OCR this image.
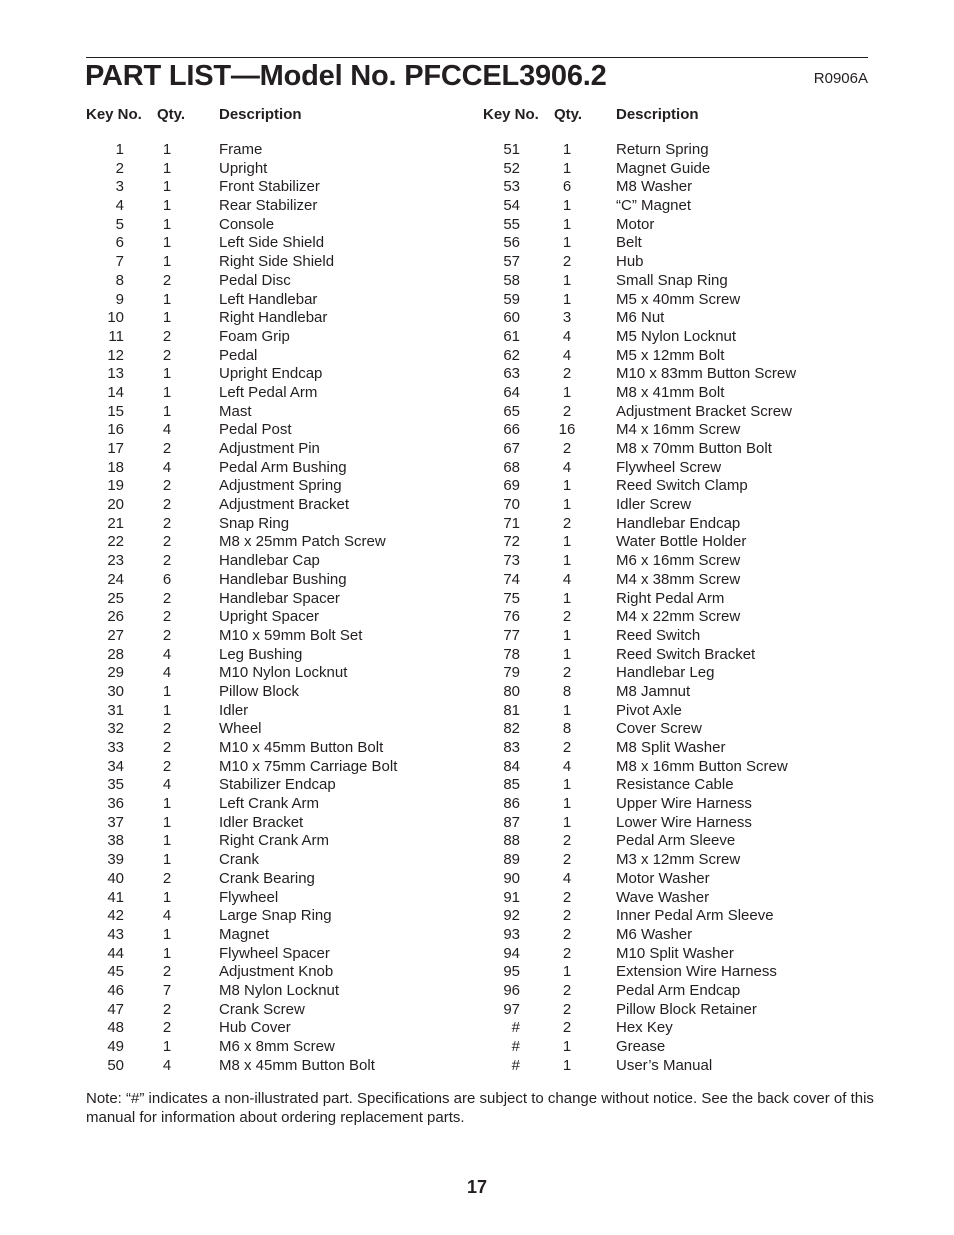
PART LIST—Model No. PFCCEL3906.2	R0906A
Key No. Qty. Description
1	1	Frame
2	1	Upright
3	1	Front Stabilizer
4	1	Rear Stabilizer
5	1	Console
6	1	Left Side Shield
7	1	Right Side Shield
8	2	Pedal Disc
9	1	Left Handlebar
10	1	Right Handlebar
11	2	Foam Grip
12	2	Pedal
13	1	Upright Endcap
14	1	Left Pedal Arm
15	1	Mast
16	4	Pedal Post
17	2	Adjustment Pin
18	4	Pedal Arm Bushing
19	2	Adjustment Spring
20	2	Adjustment Bracket
21	2	Snap Ring
22	2	M8 x 25mm Patch Screw
23	2	Handlebar Cap
24	6	Handlebar Bushing
25	2	Handlebar Spacer
26	2	Upright Spacer
27	2	M10 x 59mm Bolt Set
28	4	Leg Bushing
29	4	M10 Nylon Locknut
30	1	Pillow Block
31	1	Idler
32	2	Wheel
33	2	M10 x 45mm Button Bolt
34	2	M10 x 75mm Carriage Bolt
35	4	Stabilizer Endcap
36	1	Left Crank Arm
37	1	Idler Bracket
38	1	Right Crank Arm
39	1	Crank
40	2	Crank Bearing
41	1	Flywheel
42	4	Large Snap Ring
43	1	Magnet
44	1	Flywheel Spacer
45	2	Adjustment Knob
46	7	M8 Nylon Locknut
47	2	Crank Screw
48	2	Hub Cover
49	1	M6 x 8mm Screw
50	4	M8 x 45mm Button Bolt
Key No. Qty. Description
51	1	Return Spring
52	1	Magnet Guide
53	6	M8 Washer
54	1	“C” Magnet
55	1	Motor
56	1	Belt
57	2	Hub
58	1	Small Snap Ring
59	1	M5 x 40mm Screw
60	3	M6 Nut
61	4	M5 Nylon Locknut
62	4	M5 x 12mm Bolt
63	2	M10 x 83mm Button Screw
64	1	M8 x 41mm Bolt
65	2	Adjustment Bracket Screw
66	16	M4 x 16mm Screw
67	2	M8 x 70mm Button Bolt
68	4	Flywheel Screw
69	1	Reed Switch Clamp
70	1	Idler Screw
71	2	Handlebar Endcap
72	1	Water Bottle Holder
73	1	M6 x 16mm Screw
74	4	M4 x 38mm Screw
75	1	Right Pedal Arm
76	2	M4 x 22mm Screw
77	1	Reed Switch
78	1	Reed Switch Bracket
79	2	Handlebar Leg
80	8	M8 Jamnut
81	1	Pivot Axle
82	8	Cover Screw
83	2	M8 Split Washer
84	4	M8 x 16mm Button Screw
85	1	Resistance Cable
86	1	Upper Wire Harness
87	1	Lower Wire Harness
88	2	Pedal Arm Sleeve
89	2	M3 x 12mm Screw
90	4	Motor Washer
91	2	Wave Washer
92	2	Inner Pedal Arm Sleeve
93	2	M6 Washer
94	2	M10 Split Washer
95	1	Extension Wire Harness
96	2	Pedal Arm Endcap
97	2	Pillow Block Retainer
#	2	Hex Key
#	1	Grease
#	1	User’s Manual
Note: “#” indicates a non-illustrated part. Specifications are subject to change without notice. See the back cover of this manual for information about ordering replacement parts.
17
